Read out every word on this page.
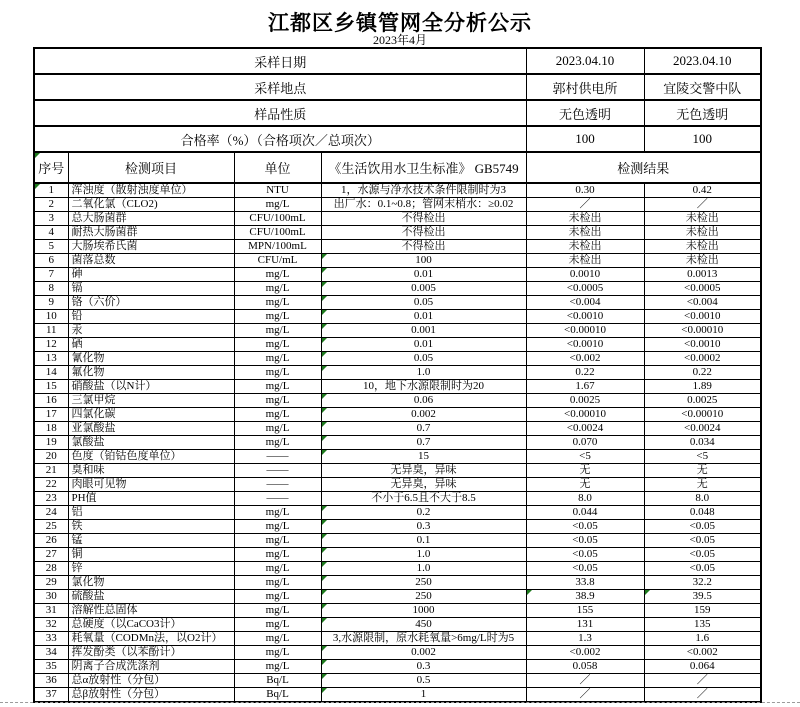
江都区乡镇管网全分析公示
2023年4月
采样日期				2023.04.10	2023.04.10
采样地点				郭村供电所	宜陵交警中队
样品性质				无色透明	无色透明
合格率（%）（合格项次／总项次）				100	100

序号	检测项目	单位	《生活饮用水卫生标准》 GB5749	检测结果	

1	浑浊度（散射浊度单位）	NTU	1，水源与净水技术条件限制时为3	0.30	0.42
2	二氧化氯（CLO2)	mg/L	出厂水：0.1~0.8；管网末梢水：≥0.02	／	／
3	总大肠菌群	CFU/100mL	不得检出	未检出	未检出
4	耐热大肠菌群	CFU/100mL	不得检出	未检出	未检出
5	大肠埃希氏菌	MPN/100mL	不得检出	未检出	未检出
6	菌落总数	CFU/mL	100	未检出	未检出
7	砷	mg/L	0.01	0.0010	0.0013
8	镉	mg/L	0.005	<0.0005	<0.0005
9	铬（六价）	mg/L	0.05	<0.004	<0.004
10	铅	mg/L	0.01	<0.0010	<0.0010
11	汞	mg/L	0.001	<0.00010	<0.00010
12	硒	mg/L	0.01	<0.0010	<0.0010
13	氰化物	mg/L	0.05	<0.002	<0.0002
14	氟化物	mg/L	1.0	0.22	0.22
15	硝酸盐（以N计）	mg/L	10，地下水源限制时为20	1.67	1.89
16	三氯甲烷	mg/L	0.06	0.0025	0.0025
17	四氯化碳	mg/L	0.002	<0.00010	<0.00010
18	亚氯酸盐	mg/L	0.7	<0.0024	<0.0024
19	氯酸盐	mg/L	0.7	0.070	0.034
20	色度（铂钴色度单位）	——	15	<5	<5
21	臭和味	——	无异臭，异味	无	无
22	肉眼可见物	——	无异臭，异味	无	无
23	PH值	——	不小于6.5且不大于8.5	8.0	8.0
24	铝	mg/L	0.2	0.044	0.048
25	铁	mg/L	0.3	<0.05	<0.05
26	锰	mg/L	0.1	<0.05	<0.05
27	铜	mg/L	1.0	<0.05	<0.05
28	锌	mg/L	1.0	<0.05	<0.05
29	氯化物	mg/L	250	33.8	32.2
30	硫酸盐	mg/L	250	38.9	39.5
31	溶解性总固体	mg/L	1000	155	159
32	总硬度（以CaCO3计）	mg/L	450	131	135
33	耗氧量（CODMn法，以O2计）	mg/L	3,水源限制，原水耗氧量>6mg/L时为5	1.3	1.6
34	挥发酚类（以苯酚计）	mg/L	0.002	<0.002	<0.002
35	阴离子合成洗涤剂	mg/L	0.3	0.058	0.064
36	总α放射性（分包）	Bq/L	0.5	／	／
37	总β放射性（分包）	Bq/L	1	／	／
